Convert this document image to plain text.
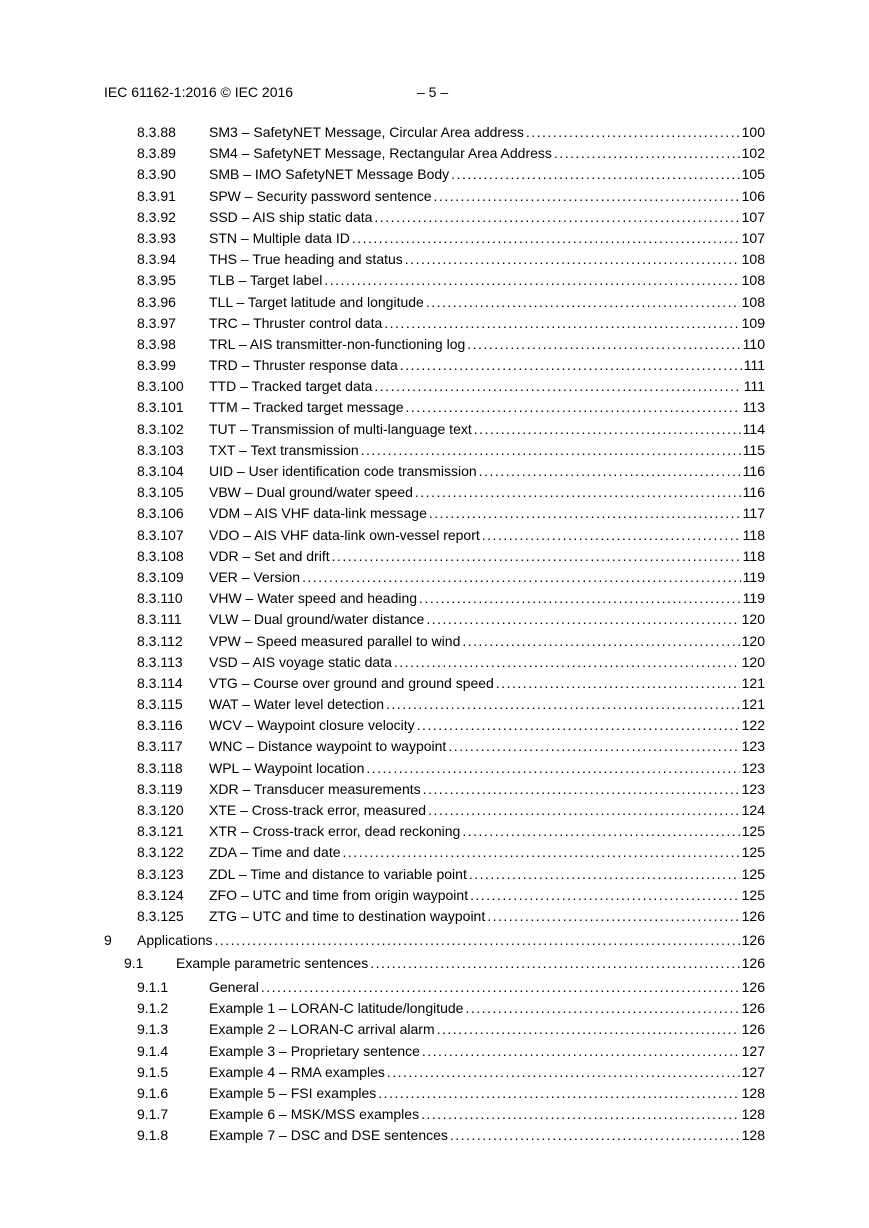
IEC 61162-1:2016 © IEC 2016	– 5 –
8.3.88 SM3 – SafetyNET Message, Circular Area address .....	100
8.3.89 SM4 – SafetyNET Message, Rectangular Area Address .....	102
8.3.90 SMB – IMO SafetyNET Message Body .....	105
8.3.91 SPW – Security password sentence .....	106
8.3.92 SSD – AIS ship static data .....	107
8.3.93 STN – Multiple data ID .....	107
8.3.94 THS – True heading and status .....	108
8.3.95 TLB – Target label .....	108
8.3.96 TLL – Target latitude and longitude .....	108
8.3.97 TRC – Thruster control data .....	109
8.3.98 TRL – AIS transmitter-non-functioning log .....	110
8.3.99 TRD – Thruster response data .....	111
8.3.100 TTD – Tracked target data .....	111
8.3.101 TTM – Tracked target message .....	113
8.3.102 TUT – Transmission of multi-language text .....	114
8.3.103 TXT – Text transmission .....	115
8.3.104 UID – User identification code transmission .....	116
8.3.105 VBW – Dual ground/water speed .....	116
8.3.106 VDM – AIS VHF data-link message .....	117
8.3.107 VDO – AIS VHF data-link own-vessel report .....	118
8.3.108 VDR – Set and drift .....	118
8.3.109 VER – Version .....	119
8.3.110 VHW – Water speed and heading .....	119
8.3.111 VLW – Dual ground/water distance .....	120
8.3.112 VPW – Speed measured parallel to wind .....	120
8.3.113 VSD – AIS voyage static data .....	120
8.3.114 VTG – Course over ground and ground speed .....	121
8.3.115 WAT – Water level detection .....	121
8.3.116 WCV – Waypoint closure velocity .....	122
8.3.117 WNC – Distance waypoint to waypoint .....	123
8.3.118 WPL – Waypoint location .....	123
8.3.119 XDR – Transducer measurements .....	123
8.3.120 XTE – Cross-track error, measured .....	124
8.3.121 XTR – Cross-track error, dead reckoning .....	125
8.3.122 ZDA – Time and date .....	125
8.3.123 ZDL – Time and distance to variable point .....	125
8.3.124 ZFO – UTC and time from origin waypoint .....	125
8.3.125 ZTG – UTC and time to destination waypoint .....	126
9 Applications .....	126
9.1 Example parametric sentences .....	126
9.1.1	General .....	126
9.1.2	Example 1 – LORAN-C latitude/longitude .....	126
9.1.3	Example 2 – LORAN-C arrival alarm .....	126
9.1.4	Example 3 – Proprietary sentence .....	127
9.1.5	Example 4 – RMA examples .....	127
9.1.6	Example 5 – FSI examples .....	128
9.1.7	Example 6 – MSK/MSS examples .....	128
9.1.8	Example 7 – DSC and DSE sentences .....	128
